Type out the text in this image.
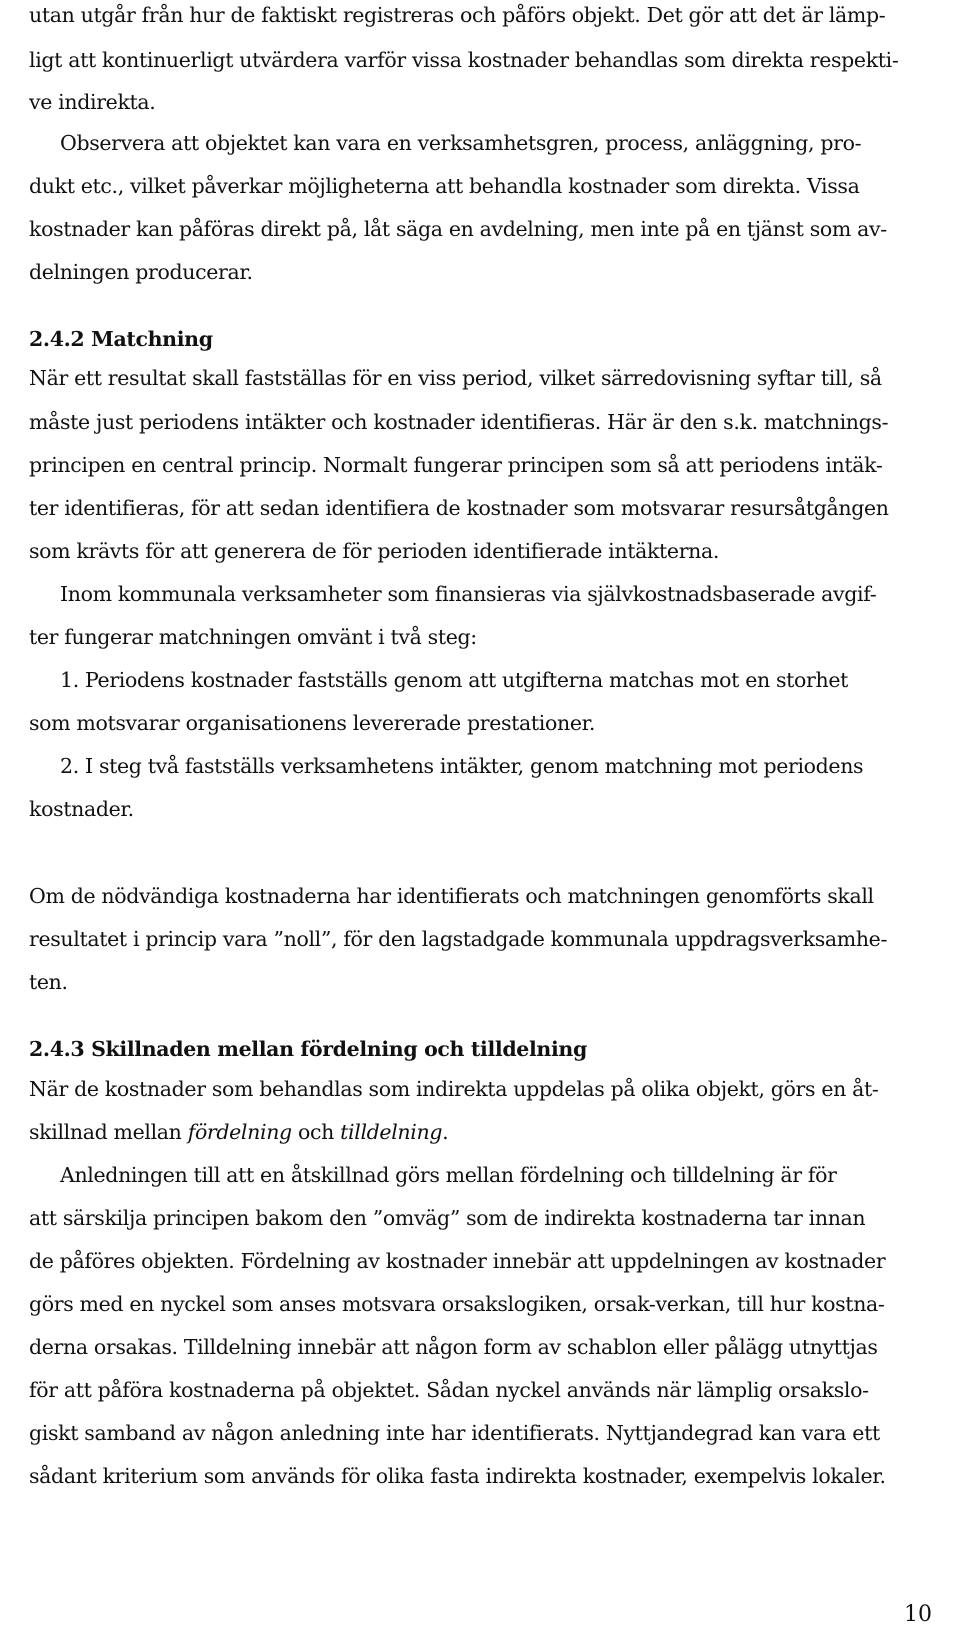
utan utgår från hur de faktiskt registreras och påförs objekt. Det gör att det är lämp-
ligt att kontinuerligt utvärdera varför vissa kostnader behandlas som direkta respekti-
ve indirekta.
Observera att objektet kan vara en verksamhetsgren, process, anläggning, pro-
dukt etc., vilket påverkar möjligheterna att behandla kostnader som direkta. Vissa
kostnader kan påföras direkt på, låt säga en avdelning, men inte på en tjänst som av-
delningen producerar.
2.4.2 Matchning
När ett resultat skall fastställas för en viss period, vilket särredovisning syftar till, så
måste just periodens intäkter och kostnader identifieras. Här är den s.k. matchnings-
principen en central princip. Normalt fungerar principen som så att periodens intäk-
ter identifieras, för att sedan identifiera de kostnader som motsvarar resursåtgången
som krävts för att generera de för perioden identifierade intäkterna.
Inom kommunala verksamheter som finansieras via självkostnadsbaserade avgif-
ter fungerar matchningen omvänt i två steg:
1. Periodens kostnader fastställs genom att utgifterna matchas mot en storhet
som motsvarar organisationens levererade prestationer.
2. I steg två fastställs verksamhetens intäkter, genom matchning mot periodens
kostnader.
Om de nödvändiga kostnaderna har identifierats och matchningen genomförts skall
resultatet i princip vara ”noll”, för den lagstadgade kommunala uppdragsverksamhe-
ten.
2.4.3 Skillnaden mellan fördelning och tilldelning
När de kostnader som behandlas som indirekta uppdelas på olika objekt, görs en åt-
skillnad mellan fördelning och tilldelning.
Anledningen till att en åtskillnad görs mellan fördelning och tilldelning är för
att särskilja principen bakom den ”omväg” som de indirekta kostnaderna tar innan
de påföres objekten. Fördelning av kostnader innebär att uppdelningen av kostnader
görs med en nyckel som anses motsvara orsakslogiken, orsak-verkan, till hur kostna-
derna orsakas. Tilldelning innebär att någon form av schablon eller pålägg utnyttjas
för att påföra kostnaderna på objektet. Sådan nyckel används när lämplig orsakslo-
giskt samband av någon anledning inte har identifierats. Nyttjandegrad kan vara ett
sådant kriterium som används för olika fasta indirekta kostnader, exempelvis lokaler.
10
